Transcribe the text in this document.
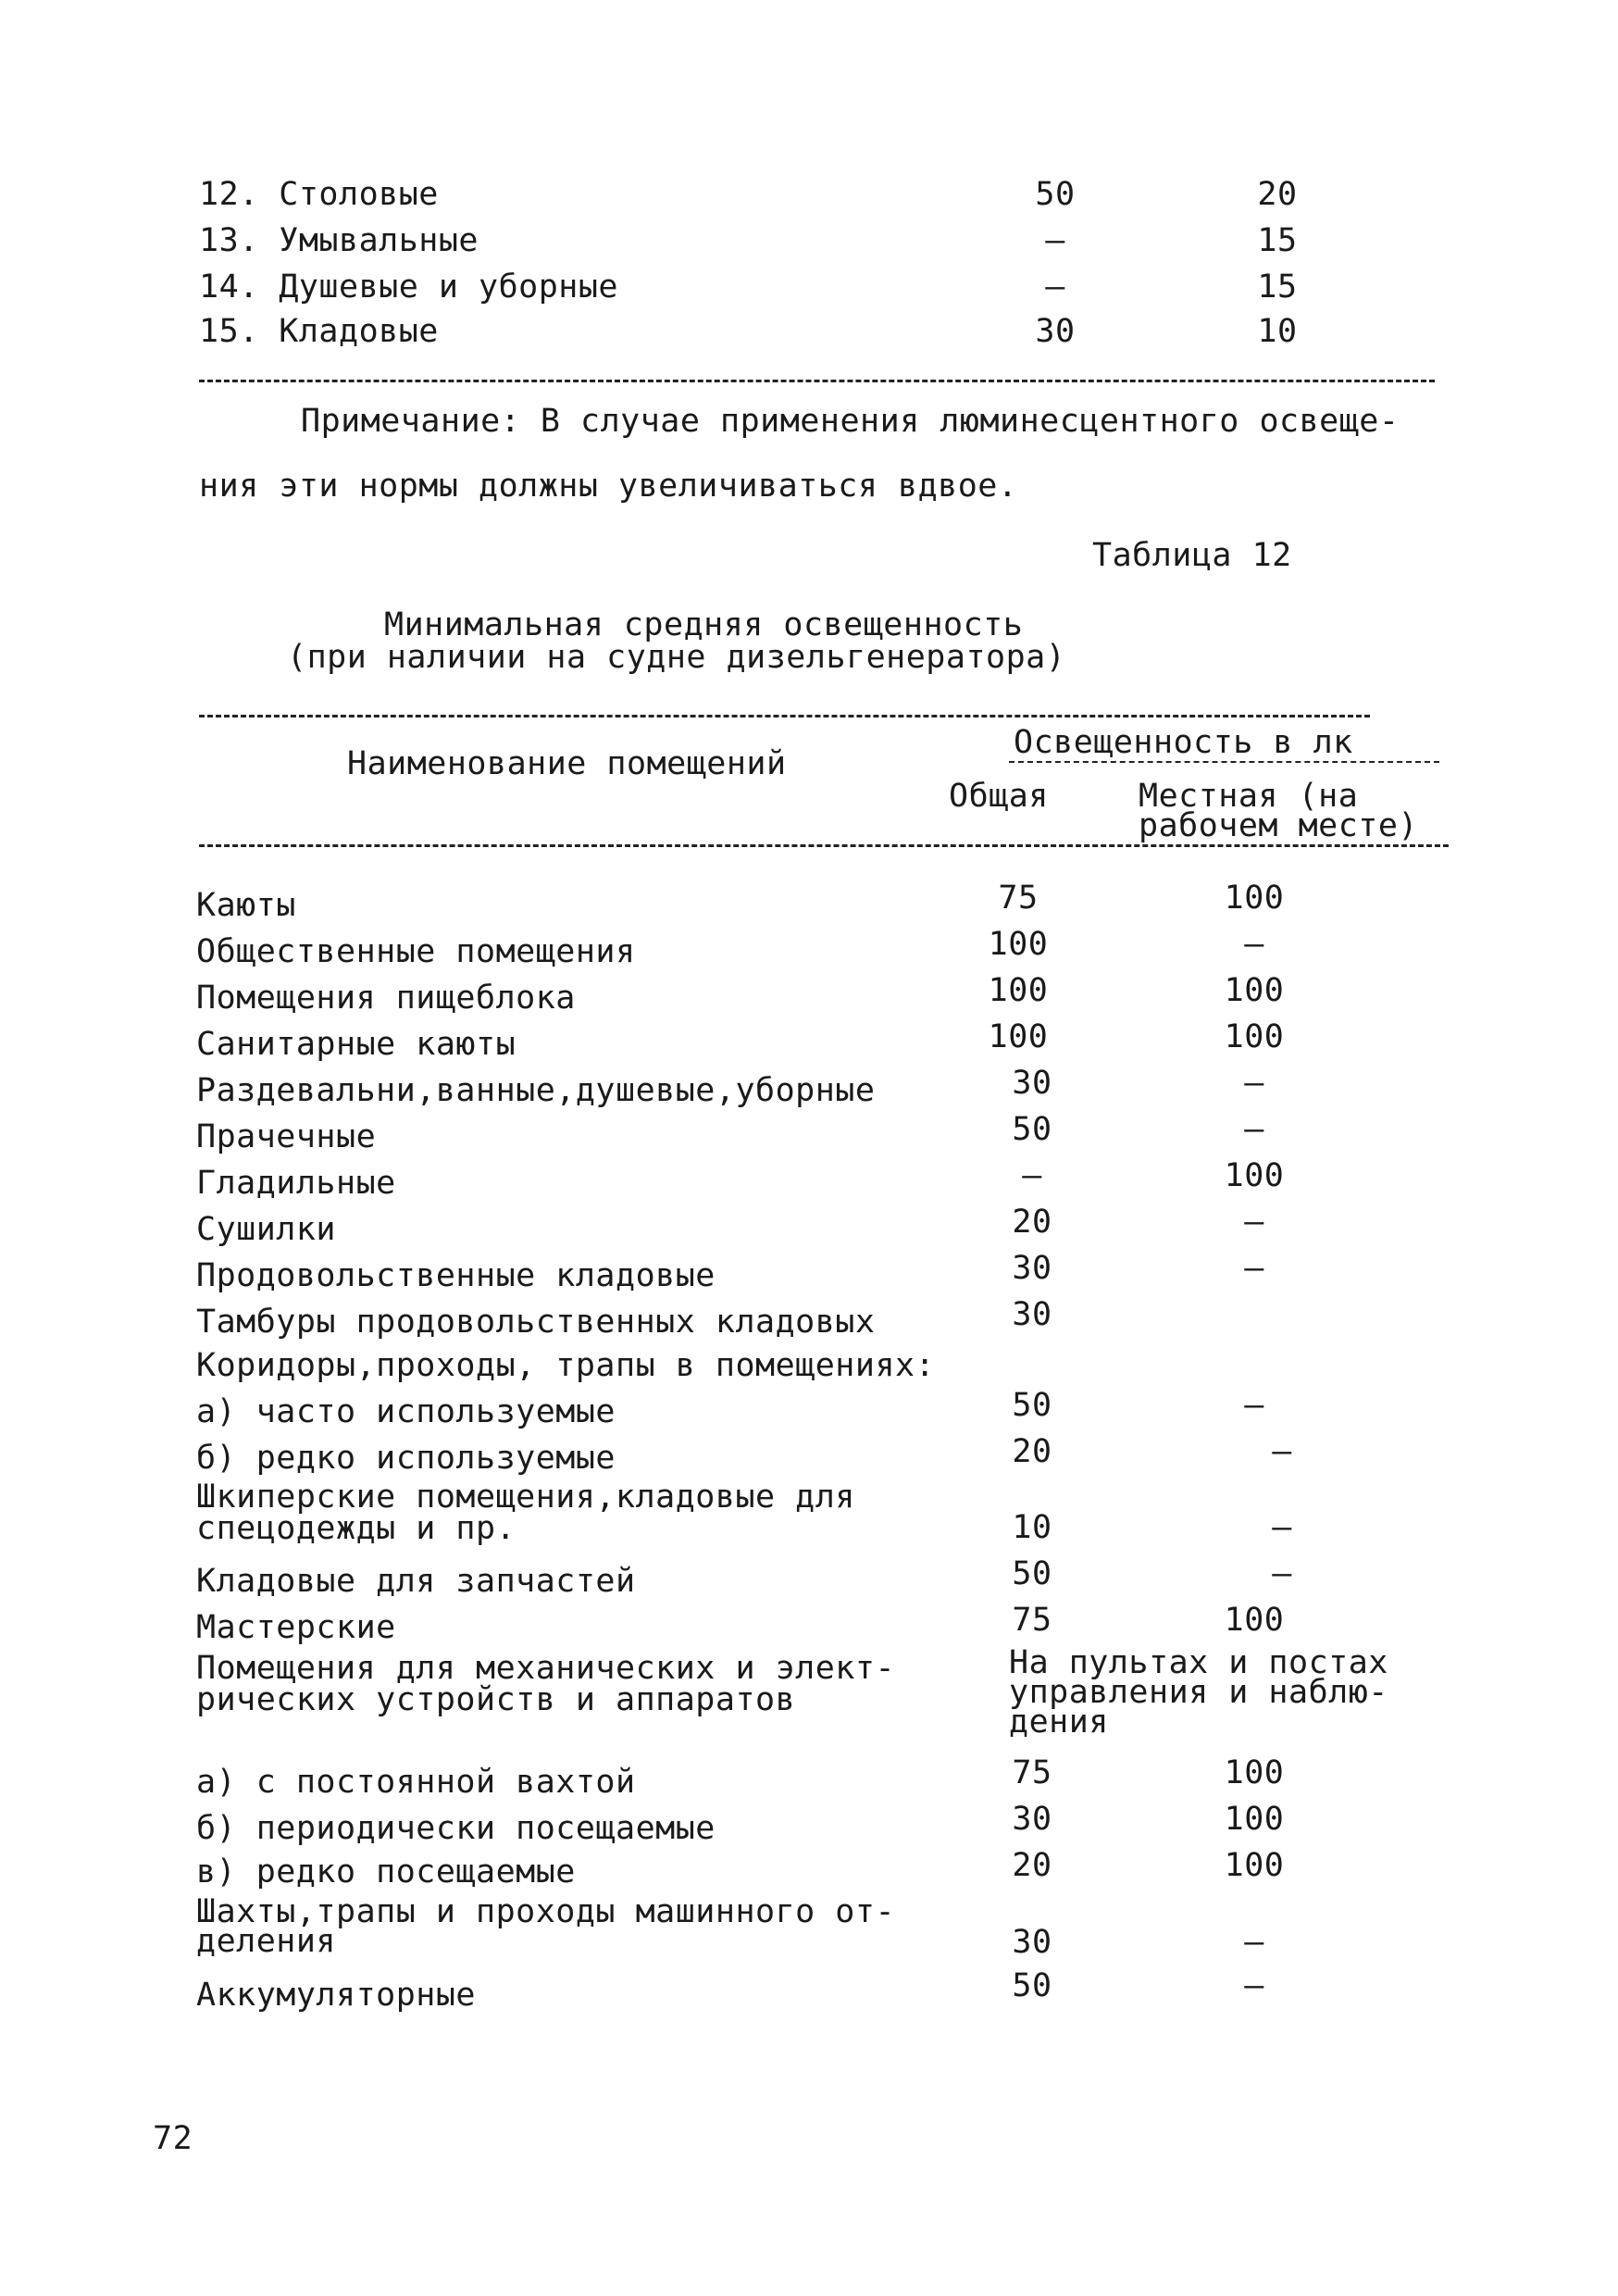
12. Столовые	50	20
13. Умывальные	–	15
14. Душевые и уборные	–	15
15. Кладовые	30	10
Примечание: В случае применения люминесцентного освеще-
ния эти нормы должны увеличиваться вдвое.
Таблица 12
Минимальная средняя освещенность
(при наличии на судне дизельгенератора)
Наименование помещений
Освещенность в лк
Общая	Местная (на
рабочем месте)
Каюты	75	100
Общественные помещения	100	–
Помещения пищеблока	100	100
Санитарные каюты	100	100
Раздевальни,ванные,душевые,уборные	30	–
Прачечные	50	–
Гладильные	–	100
Сушилки	20	–
Продовольственные кладовые	30	–
Тамбуры продовольственных кладовых	30
Коридоры,проходы, трапы в помещениях:
а) часто используемые	50	–
б) редко используемые	20	–
Шкиперские помещения,кладовые для
спецодежды и пр.	10	–
Кладовые для запчастей	50	–
Мастерские	75	100
Помещения для механических и элект-
рических устройств и аппаратов
На пультах и постах
управления и наблю-
дения
а) с постоянной вахтой	75	100
б) периодически посещаемые	30	100
в) редко посещаемые	20	100
Шахты,трапы и проходы машинного от-
деления	30	–
Аккумуляторные	50	–
72
